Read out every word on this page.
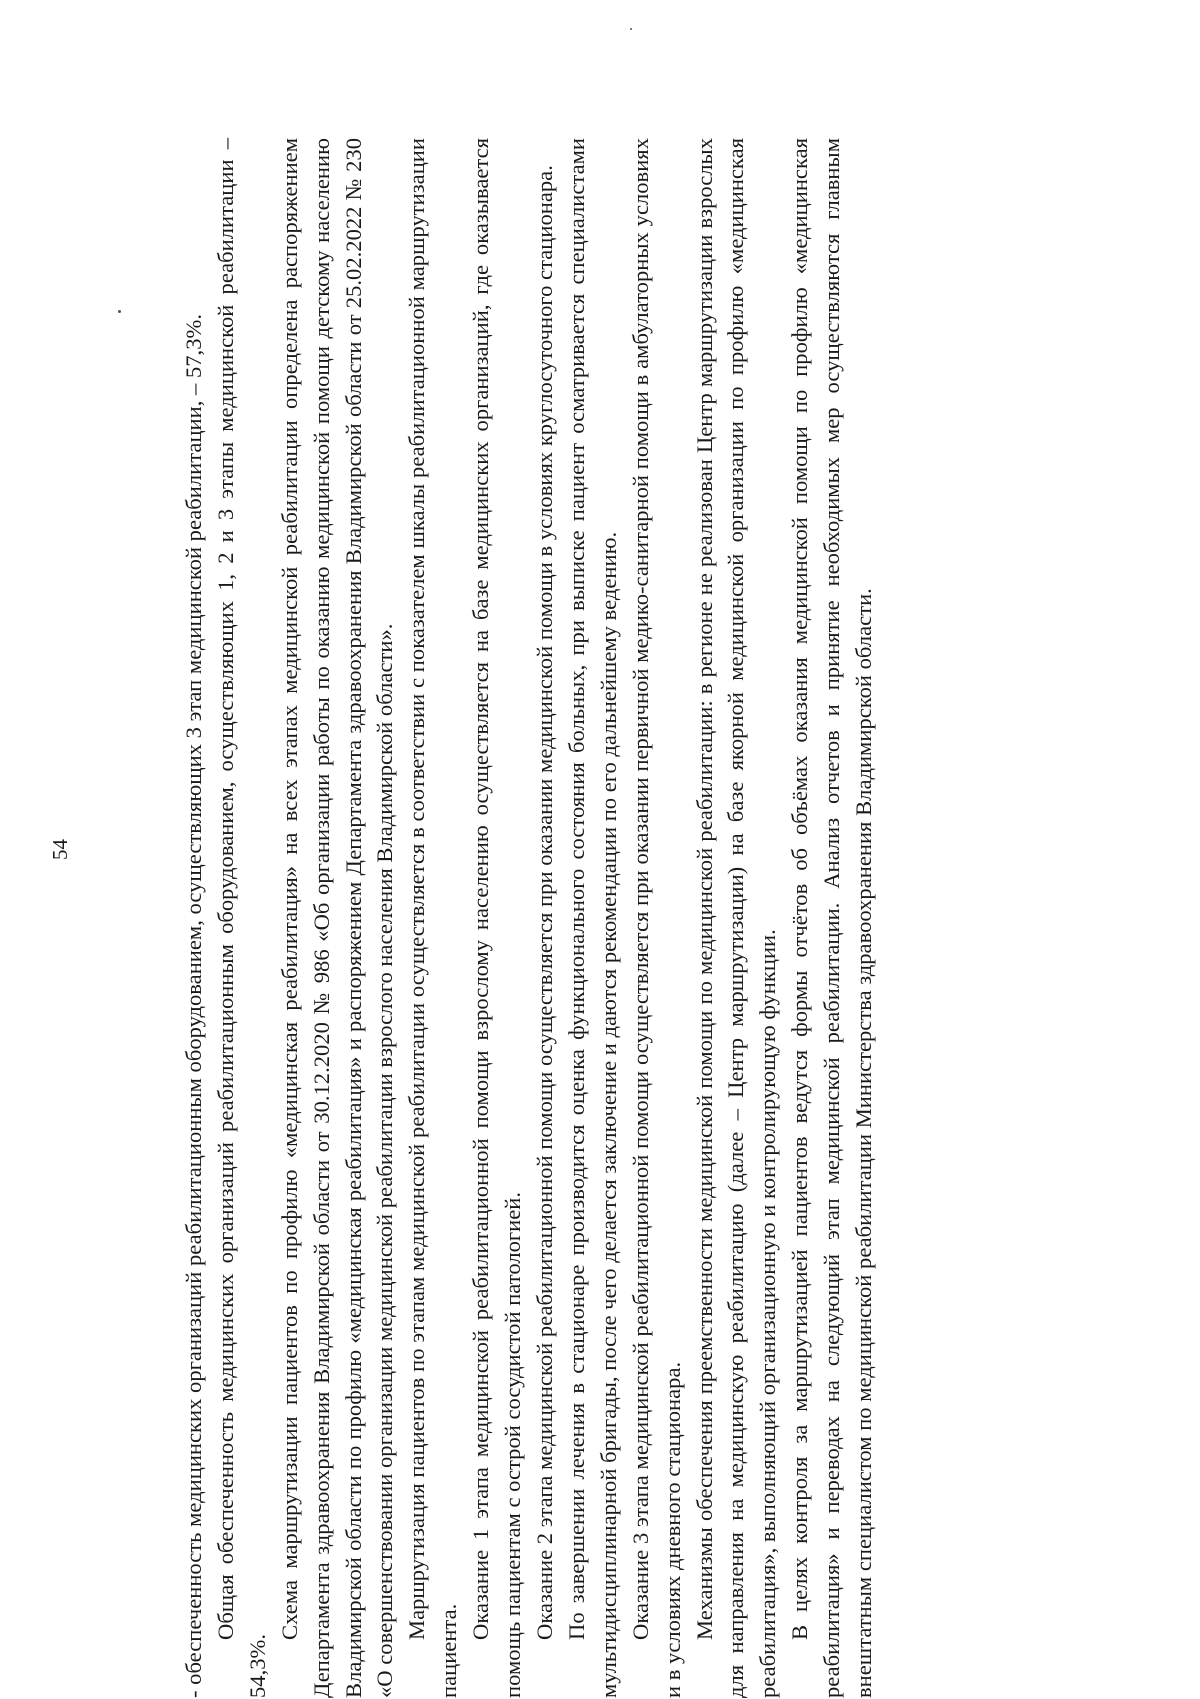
54	- обеспеченность медицинских организаций реабилитационным оборудованием, осуществляющих 3 этап медицинской реабилитации, – 57,3%. Общая обеспеченность медицинских организаций реабилитационным оборудованием, осуществляющих 1, 2 и 3 этапы медицинской реабилитации – 54,3%.

Схема маршрутизации пациентов по профилю «медицинская реабилитация» на всех этапах медицинской реабилитации определена распоряжением Департамента здравоохранения Владимирской области от 30.12.2020 № 986 «Об организации работы по оказанию медицинской помощи детскому населению Владимирской области по профилю «медицинская реабилитация» и распоряжением Департамента здравоохранения Владимирской области от 25.02.2022 № 230 «О совершенствовании организации медицинской реабилитации взрослого населения Владимирской области». Маршрутизация пациентов по этапам медицинской реабилитации осуществляется в соответствии с показателем шкалы реабилитационной маршрутизации пациента.

Оказание 1 этапа медицинской реабилитационной помощи взрослому населению осуществляется на базе медицинских организаций, где оказывается помощь пациентам с острой сосудистой патологией. Оказание 2 этапа медицинской реабилитационной помощи осуществляется при оказании медицинской помощи в условиях круглосуточного стационара. По завершении лечения в стационаре производится оценка функционального состояния больных, при выписке пациент осматривается специалистами мультидисциплинарной бригады, после чего делается заключение и даются рекомендации по его дальнейшему ведению. Оказание 3 этапа медицинской реабилитационной помощи осуществляется при оказании первичной медико-санитарной помощи в амбулаторных условиях и в условиях дневного стационара. Механизмы обеспечения преемственности медицинской помощи по медицинской реабилитации: в регионе не реализован Центр маршрутизации взрослых для направления на медицинскую реабилитацию (далее – Центр маршрутизации) на базе якорной медицинской организации по профилю «медицинская реабилитация», выполняющий организационную и контролирующую функции. В целях контроля за маршрутизацией пациентов ведутся формы отчётов об объёмах оказания медицинской помощи по профилю «медицинская реабилитация» и переводах на следующий этап медицинской реабилитации. Анализ отчетов и принятие необходимых мер осуществляются главным внештатным специалистом по медицинской реабилитации Министерства здравоохранения Владимирской области.
